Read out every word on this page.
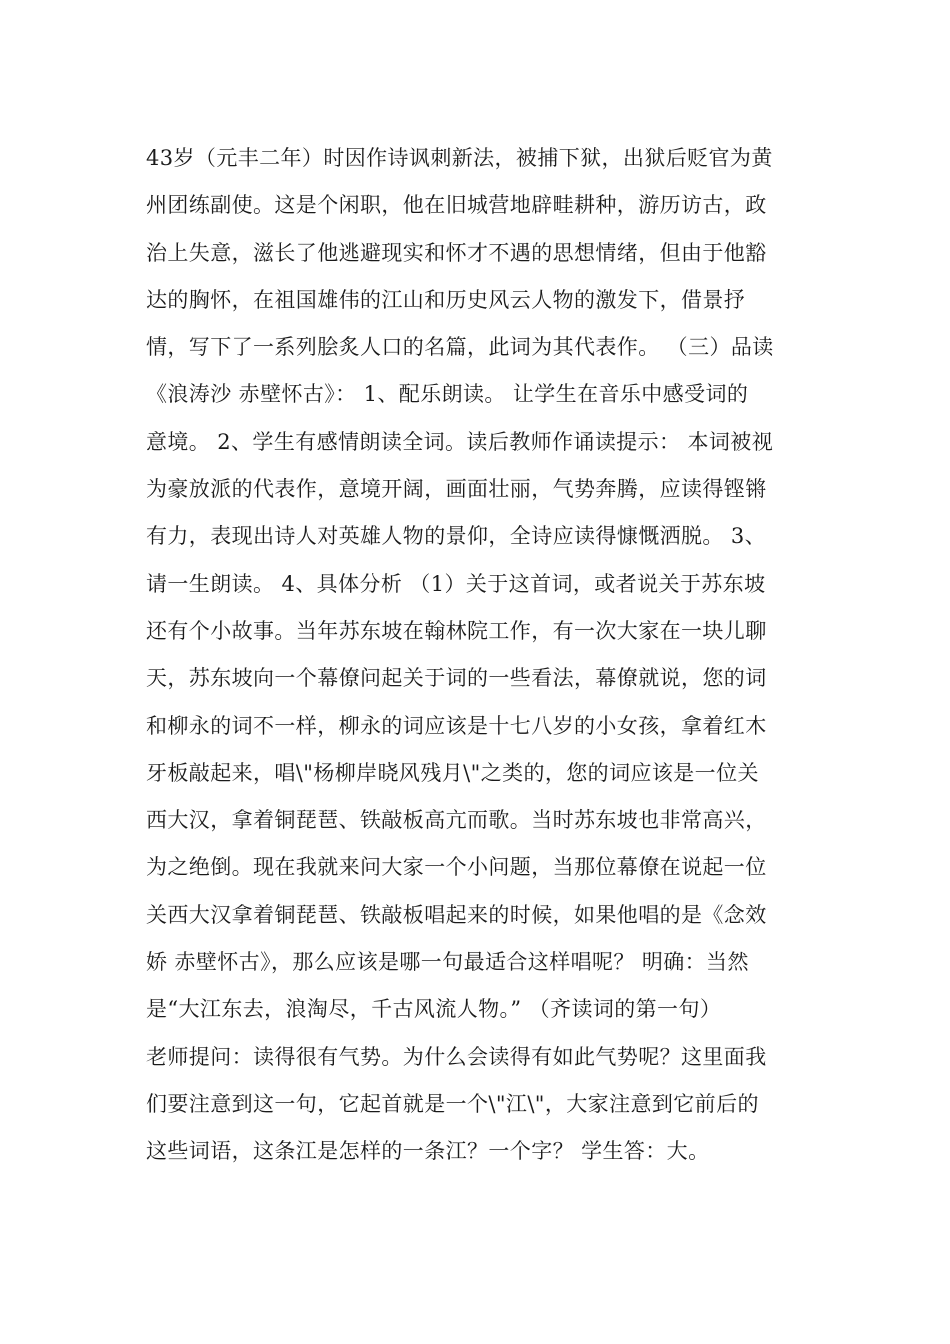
43岁（元丰二年）时因作诗讽刺新法，被捕下狱，出狱后贬官为黄
州团练副使。这是个闲职，他在旧城营地辟畦耕种，游历访古，政
治上失意，滋长了他逃避现实和怀才不遇的思想情绪，但由于他豁
达的胸怀，在祖国雄伟的江山和历史风云人物的激发下，借景抒
情，写下了一系列脍炙人口的名篇，此词为其代表作。 （三）品读
《浪涛沙 赤壁怀古》： 1、配乐朗读。 让学生在音乐中感受词的
意境。 2、学生有感情朗读全词。读后教师作诵读提示： 本词被视
为豪放派的代表作，意境开阔，画面壮丽，气势奔腾，应读得铿锵
有力，表现出诗人对英雄人物的景仰，全诗应读得慷慨洒脱。 3、
请一生朗读。 4、具体分析 （1）关于这首词，或者说关于苏东坡
还有个小故事。当年苏东坡在翰林院工作，有一次大家在一块儿聊
天，苏东坡向一个幕僚问起关于词的一些看法，幕僚就说，您的词
和柳永的词不一样，柳永的词应该是十七八岁的小女孩，拿着红木
牙板敲起来，唱\"杨柳岸晓风残月\"之类的，您的词应该是一位关
西大汉，拿着铜琵琶、铁敲板高亢而歌。当时苏东坡也非常高兴，
为之绝倒。现在我就来问大家一个小问题，当那位幕僚在说起一位
关西大汉拿着铜琵琶、铁敲板唱起来的时候，如果他唱的是《念效
娇 赤壁怀古》，那么应该是哪一句最适合这样唱呢？ 明确：当然
是“大江东去，浪淘尽，千古风流人物。” （齐读词的第一句）
老师提问：读得很有气势。为什么会读得有如此气势呢？这里面我
们要注意到这一句，它起首就是一个\"江\"，大家注意到它前后的
这些词语，这条江是怎样的一条江？一个字？ 学生答：大。
